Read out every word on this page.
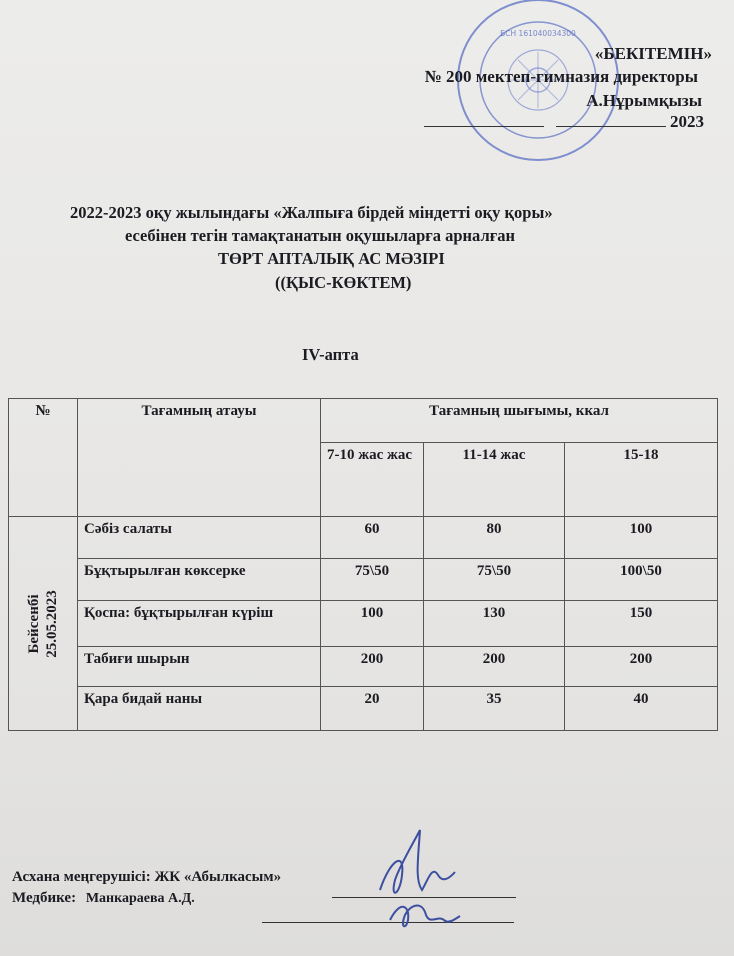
БСН 161040034300
«БЕКІТЕМІН»
№ 200 мектеп-гимназия директоры
А.Нұрымқызы
2023
2022-2023 оқу жылындағы «Жалпыға бірдей міндетті оқу қоры»
есебінен тегін тамақтанатын оқушыларға арналған
ТӨРТ АПТАЛЫҚ АС МӘЗІРІ
((ҚЫС-КӨКТЕМ)
IV-апта
№	Тағамның атауы	Тағамның шығымы, ккал		
		7-10 жас жас	11-14 жас	15-18

Бейсенбі 25.05.2023	Сәбіз салаты	60	80	100
	Бұқтырылған көксерке	75\50	75\50	100\50
	Қоспа: бұқтырылған күріш	100	130	150
	Табиғи шырын	200	200	200
	Қара бидай наны	20	35	40
Асхана меңгерушісі: ЖК «Абылкасым»
Медбике: Манкараева А.Д.
